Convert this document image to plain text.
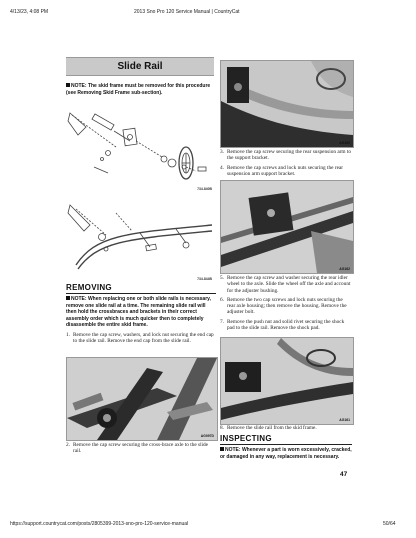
4/13/23, 4:08 PM	2013 Sno Pro 120 Service Manual | CountryCat
Slide Rail
NOTE: The skid frame must be removed for this procedure (see Removing Skid Frame sub-section).
734-840B
734-844B
REMOVING
NOTE: When replacing one or both slide rails is necessary, remove one slide rail at a time. The remaining slide rail will then hold the crossbraces and brackets in their correct assembly order which is much quicker then to completely disassemble the entire skid frame.
1. Remove the cap screw, washers, and lock nut securing the end cap to the slide rail. Remove the end cap from the slide rail.
AG097D
2. Remove the cap screw securing the cross-brace axle to the slide rail.
AG160
3. Remove the cap screw securing the rear suspension arm to the support bracket.
4. Remove the cap screws and lock nuts securing the rear suspension arm support bracket.
AG162
5. Remove the cap screw and washer securing the rear idler wheel to the axle. Slide the wheel off the axle and account for the adjuster bushing.
6. Remove the two cap screws and lock nuts securing the rear axle housing; then remove the housing. Remove the adjuster bolt.
7. Remove the push nut and solid rivet securing the shock pad to the slide rail. Remove the shock pad.
AG161
8. Remove the slide rail from the skid frame.
INSPECTING
NOTE: Whenever a part is worn excessively, cracked, or damaged in any way, replacement is necessary.
47
https://support.countrycat.com/posts/2805399-2013-sno-pro-120-service-manual	50/64
